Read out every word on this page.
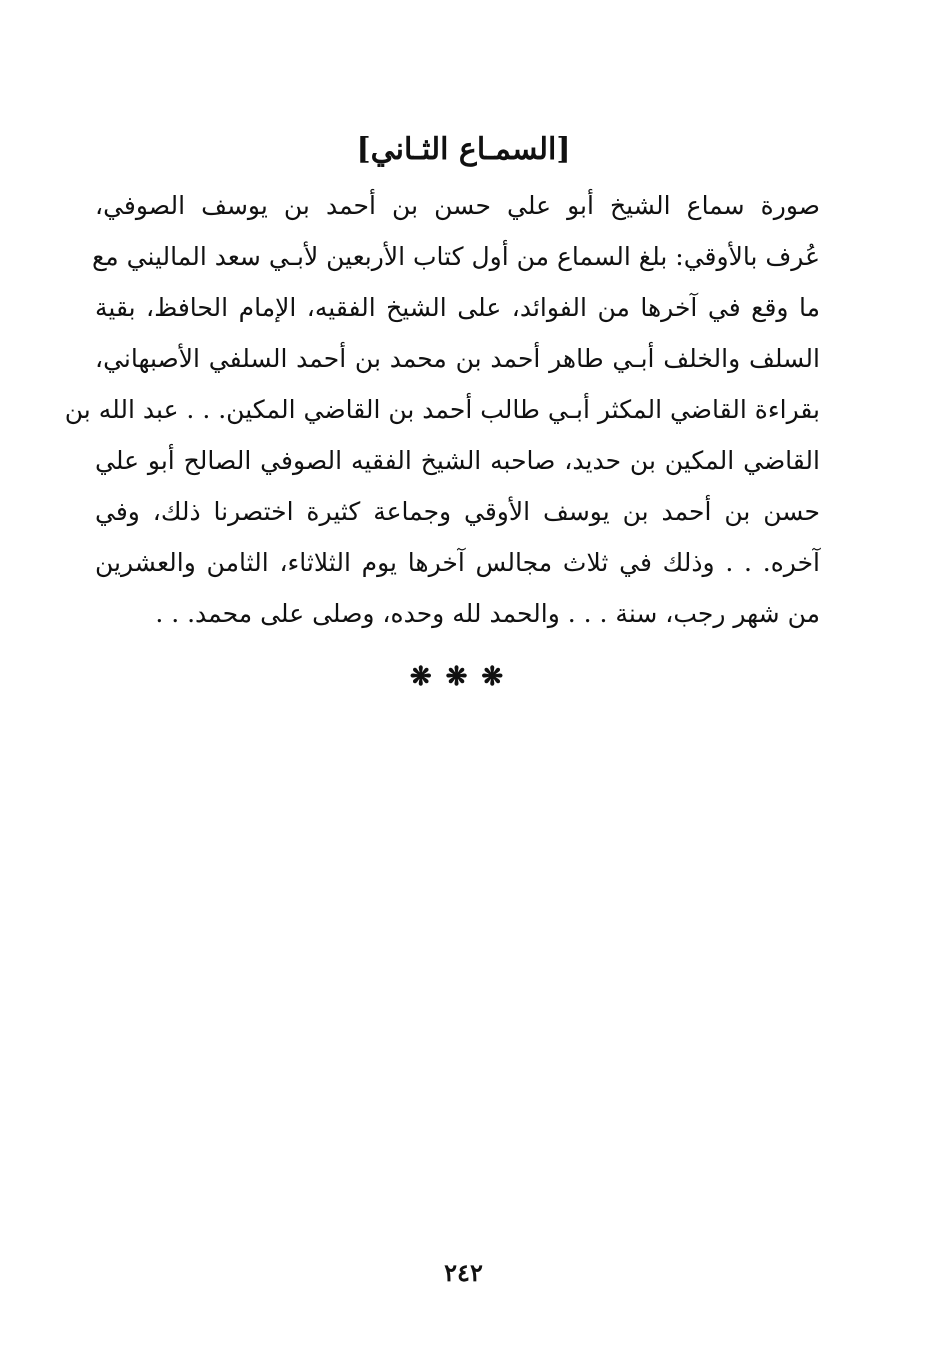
[السمـاع الثـاني]
صورة سماع الشيخ أبو علي حسن بن أحمد بن يوسف الصوفي،
عُرف بالأوقي: بلغ السماع من أول كتاب الأربعين لأبـي سعد الماليني مع
ما وقع في آخرها من الفوائد، على الشيخ الفقيه، الإمام الحافظ، بقية
السلف والخلف أبـي طاهر أحمد بن محمد بن أحمد السلفي الأصبهاني،
بقراءة القاضي المكثر أبـي طالب أحمد بن القاضي المكين. . . عبد الله بن
القاضي المكين بن حديد، صاحبه الشيخ الفقيه الصوفي الصالح أبو علي
حسن بن أحمد بن يوسف الأوقي وجماعة كثيرة اختصرنا ذلك، وفي
آخره. . . وذلك في ثلاث مجالس آخرها يوم الثلاثاء، الثامن والعشرين
من شهر رجب، سنة . . . والحمد لله وحده، وصلى على محمد. . .
❋❋❋
٢٤٢
